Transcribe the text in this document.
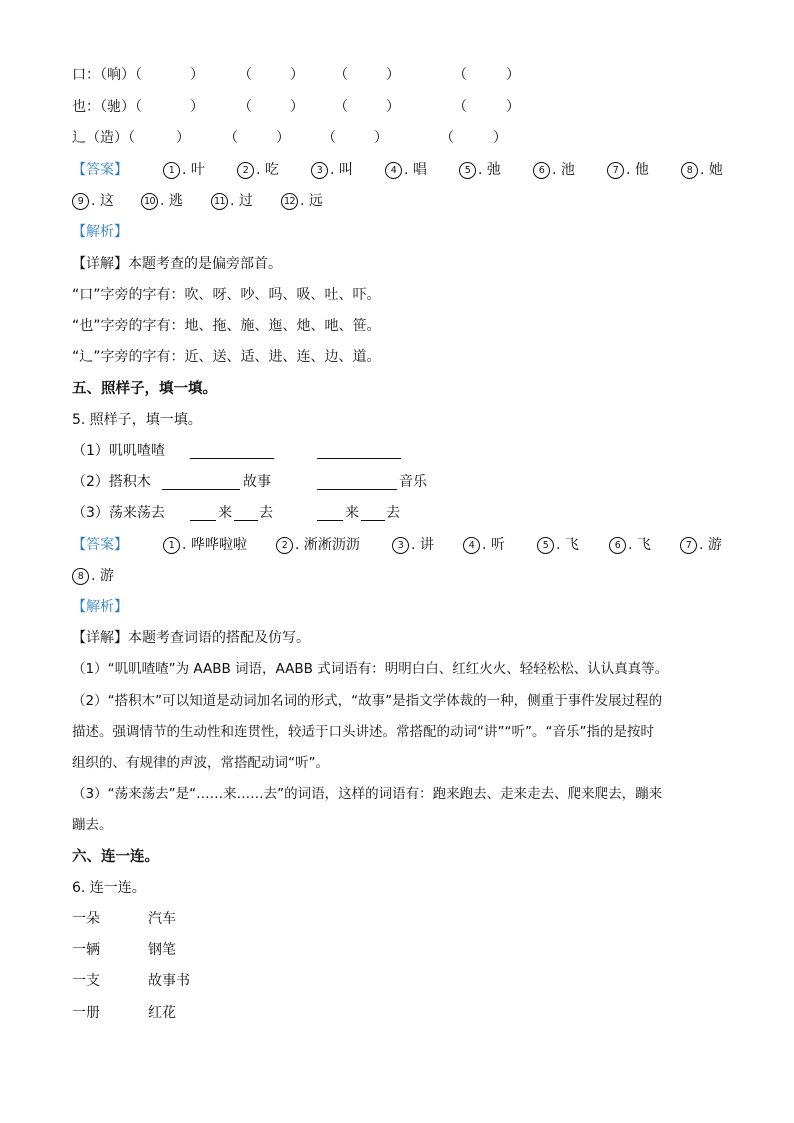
口：（响）（	） （	） （	）	（	）
也：（驰）（	） （	） （	）	（	）
辶（造）（	） （	） （	）	（	）
【答案】	1 . 叶	2 . 吃	3 . 叫	4 . 唱	5 . 弛	6 . 池	7 . 他	8 . 她
9 . 这	10 . 逃	11 . 过	12 . 远
【解析】
【详解】本题考查的是偏旁部首。
“口”字旁的字有：吹、呀、吵、吗、吸、吐、吓。
“也”字旁的字有：地、拖、施、迤、灺、吔、笹。
“辶”字旁的字有：近、送、适、进、连、边、道。
五、照样子，填一填。
5. 照样子，填一填。
（1）叽叽喳喳
（2）搭积木	故事	音乐
（3）荡来荡去	来 去	来 去
【答案】	1 . 哗哗啦啦	2 . 淅淅沥沥	3 . 讲	4 . 听	5 . 飞	6 . 飞	7 . 游
8 . 游
【解析】
【详解】本题考查词语的搭配及仿写。
（1）“叽叽喳喳”为 AABB 词语，AABB 式词语有：明明白白、红红火火、轻轻松松、认认真真等。
（2）“搭积木”可以知道是动词加名词的形式，“故事”是指文学体裁的一种，侧重于事件发展过程的
描述。强调情节的生动性和连贯性，较适于口头讲述。常搭配的动词“讲”“听”。“音乐”指的是按时
组织的、有规律的声波，常搭配动词“听”。
（3）“荡来荡去”是“……来……去”的词语，这样的词语有：跑来跑去、走来走去、爬来爬去，蹦来
蹦去。
六、连一连。
6. 连一连。
一朵	汽车
一辆	钢笔
一支	故事书
一册	红花
